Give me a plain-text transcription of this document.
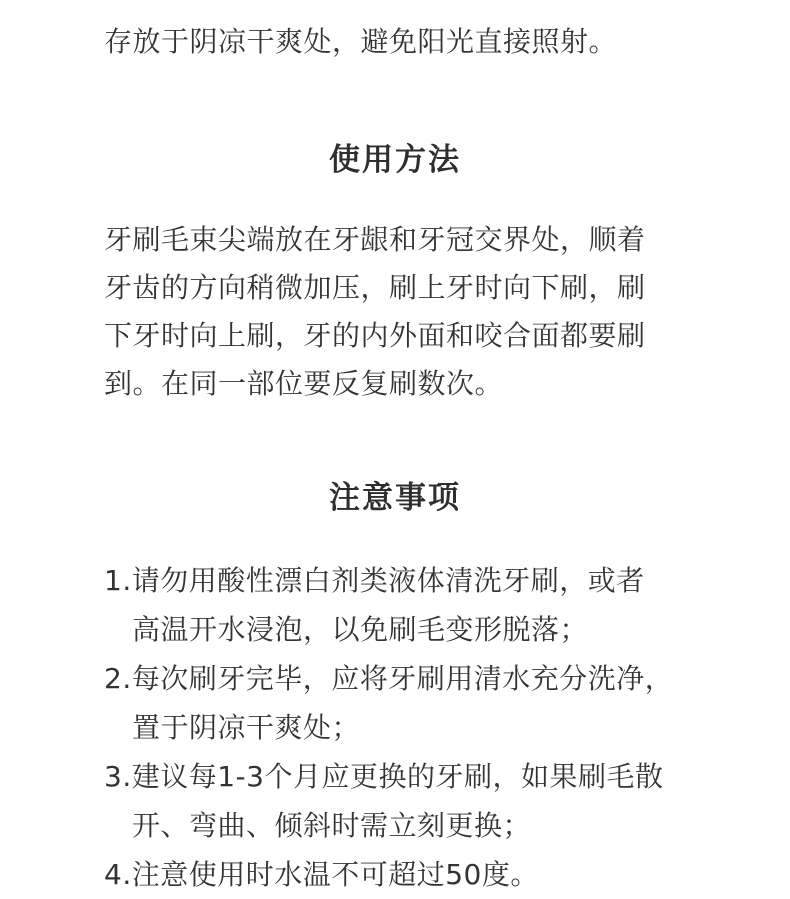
存放于阴凉干爽处，避免阳光直接照射。

使用方法

牙刷毛束尖端放在牙龈和牙冠交界处，顺着
牙齿的方向稍微加压，刷上牙时向下刷，刷
下牙时向上刷，牙的内外面和咬合面都要刷
到。在同一部位要反复刷数次。

注意事项
1.请勿用酸性漂白剂类液体清洗牙刷，或者
高温开水浸泡，以免刷毛变形脱落；
2.每次刷牙完毕，应将牙刷用清水充分洗净，
置于阴凉干爽处；
3.建议每1-3个月应更换的牙刷，如果刷毛散
开、弯曲、倾斜时需立刻更换；
4.注意使用时水温不可超过50度。
